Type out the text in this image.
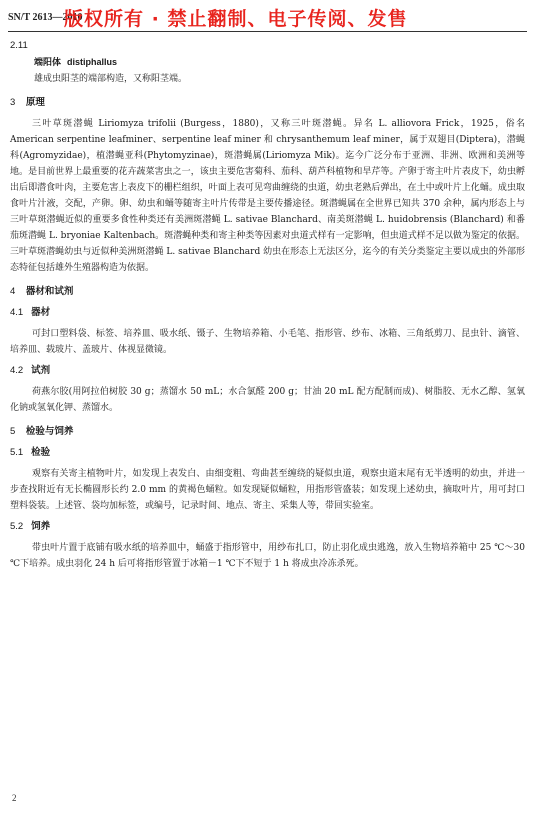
SN/T 2613—2010
版权所有 · 禁止翻制、电子传阅、发售
2.11
端阳体 distiphallus
雄成虫阳茎的端部构造，又称阳茎端。
3 原理

三叶草斑潜蝇 Liriomyza trifolii (Burgess，1880)，又称三叶斑潜蝇。异名 L. alliovora Frick，1925，俗名 American serpentine leafminer、serpentine leaf miner 和 chrysanthemum leaf miner，属于双翅目(Diptera)，潜蝇科(Agromyzidae)，植潜蝇亚科(Phytomyzinae)，斑潜蝇属(Liriomyza Mik)。迄今广泛分布于亚洲、非洲、欧洲和美洲等地。是目前世界上最重要的花卉蔬菜害虫之一，该虫主要危害菊科、茄科、葫芦科植物和旱芹等。产卵于寄主叶片表皮下，幼虫孵出后即潜食叶肉，主要危害上表皮下的栅栏组织，叶面上表可见弯曲缠绕的虫道，幼虫老熟后弹出，在土中或叶片上化蛹。成虫取食叶片汁液，交配，产卵。卵、幼虫和蛹等随寄主叶片传带是主要传播途径。斑潜蝇属在全世界已知共 370 余种，属内形态上与三叶草斑潜蝇近似的重要多食性种类还有美洲斑潜蝇 L. sativae Blanchard、南美斑潜蝇 L. huidobrensis (Blanchard) 和番茄斑潜蝇 L. bryoniae Kaltenbach。斑潜蝇种类和寄主种类等因素对虫道式样有一定影响，但虫道式样不足以做为鉴定的依据。三叶草斑潜蝇幼虫与近似种美洲斑潜蝇 L. sativae Blanchard 幼虫在形态上无法区分，迄今的有关分类鉴定主要以成虫的外部形态特征包括雄外生殖器构造为依据。

4 器材和试剂
4.1 器材

可封口塑料袋、标签、培养皿、吸水纸、镊子、生物培养箱、小毛笔、指形管、纱布、冰箱、三角纸剪刀、昆虫针、滴管、培养皿、载玻片、盖玻片、体视显微镜。

4.2 试剂

荷燕尔胶(用阿拉伯树胶 30 g；蒸馏水 50 mL；水合氯醛 200 g；甘油 20 mL 配方配制而成)、树脂胶、无水乙醇、氢氧化钠或氢氧化钾、蒸馏水。

5 检验与饲养
5.1 检验

观察有关寄主植物叶片，如发现上表发白、由细变粗、弯曲甚至缠绕的疑似虫道，观察虫道末尾有无半透明的幼虫，并进一步查找附近有无长椭圆形长约 2.0 mm 的黄褐色蛹粒。如发现疑似蛹粒，用指形管盛装；如发现上述幼虫，摘取叶片，用可封口塑料袋装。上述管、袋均加标签，或编号，记录时间、地点、寄主、采集人等，带回实验室。

5.2 饲养

带虫叶片置于底铺有吸水纸的培养皿中，蛹盛于指形管中，用纱布扎口，防止羽化成虫逃逸，放入生物培养箱中 25 ℃～30 ℃下培养。成虫羽化 24 h 后可将指形管置于冰箱－1 ℃下不短于 1 h 将成虫冷冻杀死。

2
